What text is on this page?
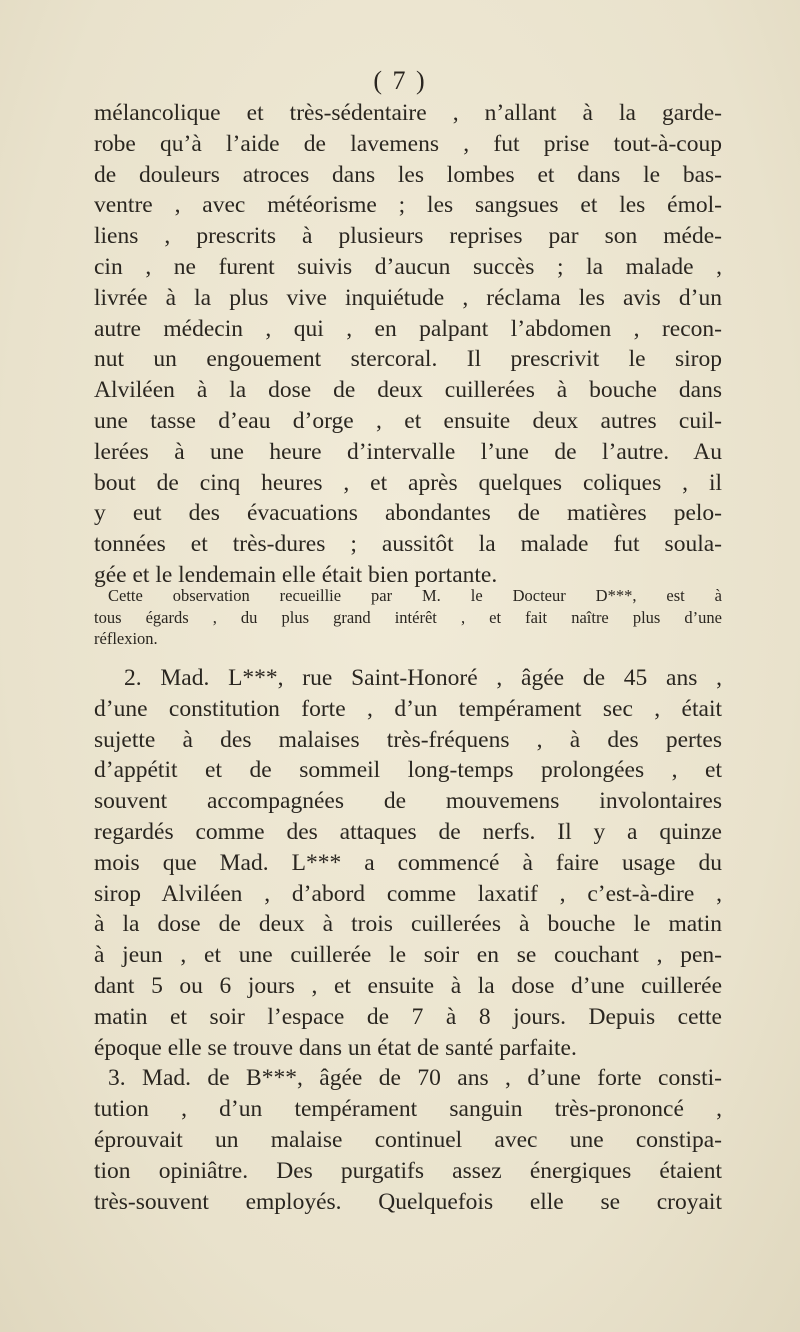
( 7 )
mélancolique et très-sédentaire , n’allant à la garde-
robe qu’à l’aide de lavemens , fut prise tout-à-coup
de douleurs atroces dans les lombes et dans le bas-
ventre , avec météorisme ; les sangsues et les émol-
liens , prescrits à plusieurs reprises par son méde-
cin , ne furent suivis d’aucun succès ; la malade ,
livrée à la plus vive inquiétude , réclama les avis d’un
autre médecin , qui , en palpant l’abdomen , recon-
nut un engouement stercoral. Il prescrivit le sirop
Alviléen à la dose de deux cuillerées à bouche dans
une tasse d’eau d’orge , et ensuite deux autres cuil-
lerées à une heure d’intervalle l’une de l’autre. Au
bout de cinq heures , et après quelques coliques , il
y eut des évacuations abondantes de matières pelo-
tonnées et très-dures ; aussitôt la malade fut soula-
gée et le lendemain elle était bien portante.
Cette observation recueillie par M. le Docteur D***, est à
tous égards , du plus grand intérêt , et fait naître plus d’une
réflexion.
2. Mad. L***, rue Saint-Honoré , âgée de 45 ans ,
d’une constitution forte , d’un tempérament sec , était
sujette à des malaises très-fréquens , à des pertes
d’appétit et de sommeil long-temps prolongées , et
souvent accompagnées de mouvemens involontaires
regardés comme des attaques de nerfs. Il y a quinze
mois que Mad. L*** a commencé à faire usage du
sirop Alviléen , d’abord comme laxatif , c’est-à-dire ,
à la dose de deux à trois cuillerées à bouche le matin
à jeun , et une cuillerée le soir en se couchant , pen-
dant 5 ou 6 jours , et ensuite à la dose d’une cuillerée
matin et soir l’espace de 7 à 8 jours. Depuis cette
époque elle se trouve dans un état de santé parfaite.
3. Mad. de B***, âgée de 70 ans , d’une forte consti-
tution , d’un tempérament sanguin très-prononcé ,
éprouvait un malaise continuel avec une constipa-
tion opiniâtre. Des purgatifs assez énergiques étaient
très-souvent employés. Quelquefois elle se croyait
